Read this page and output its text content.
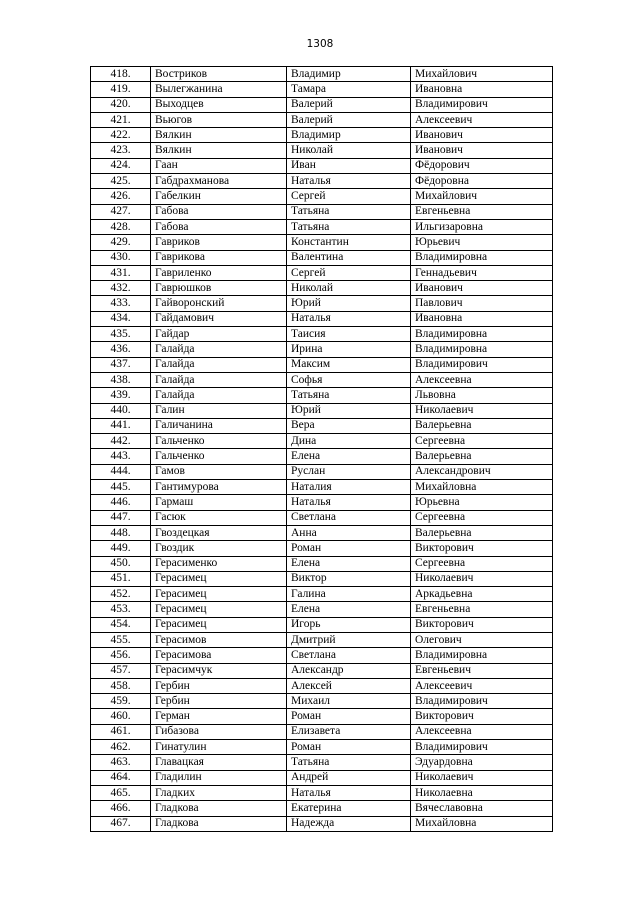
1308
418.	Востриков	Владимир	Михайлович
419.	Вылегжанина	Тамара	Ивановна
420.	Выходцев	Валерий	Владимирович
421.	Вьюгов	Валерий	Алексеевич
422.	Вялкин	Владимир	Иванович
423.	Вялкин	Николай	Иванович
424.	Гаан	Иван	Фёдорович
425.	Габдрахманова	Наталья	Фёдоровна
426.	Габелкин	Сергей	Михайлович
427.	Габова	Татьяна	Евгеньевна
428.	Габова	Татьяна	Ильгизаровна
429.	Гавриков	Константин	Юрьевич
430.	Гаврикова	Валентина	Владимировна
431.	Гавриленко	Сергей	Геннадьевич
432.	Гаврюшков	Николай	Иванович
433.	Гайворонский	Юрий	Павлович
434.	Гайдамович	Наталья	Ивановна
435.	Гайдар	Таисия	Владимировна
436.	Галайда	Ирина	Владимировна
437.	Галайда	Максим	Владимирович
438.	Галайда	Софья	Алексеевна
439.	Галайда	Татьяна	Львовна
440.	Галин	Юрий	Николаевич
441.	Галичанина	Вера	Валерьевна
442.	Гальченко	Дина	Сергеевна
443.	Гальченко	Елена	Валерьевна
444.	Гамов	Руслан	Александрович
445.	Гантимурова	Наталия	Михайловна
446.	Гармаш	Наталья	Юрьевна
447.	Гасюк	Светлана	Сергеевна
448.	Гвоздецкая	Анна	Валерьевна
449.	Гвоздик	Роман	Викторович
450.	Герасименко	Елена	Сергеевна
451.	Герасимец	Виктор	Николаевич
452.	Герасимец	Галина	Аркадьевна
453.	Герасимец	Елена	Евгеньевна
454.	Герасимец	Игорь	Викторович
455.	Герасимов	Дмитрий	Олегович
456.	Герасимова	Светлана	Владимировна
457.	Герасимчук	Александр	Евгеньевич
458.	Гербин	Алексей	Алексеевич
459.	Гербин	Михаил	Владимирович
460.	Герман	Роман	Викторович
461.	Гибазова	Елизавета	Алексеевна
462.	Гинатулин	Роман	Владимирович
463.	Главацкая	Татьяна	Эдуардовна
464.	Гладилин	Андрей	Николаевич
465.	Гладких	Наталья	Николаевна
466.	Гладкова	Екатерина	Вячеславовна
467.	Гладкова	Надежда	Михайловна
